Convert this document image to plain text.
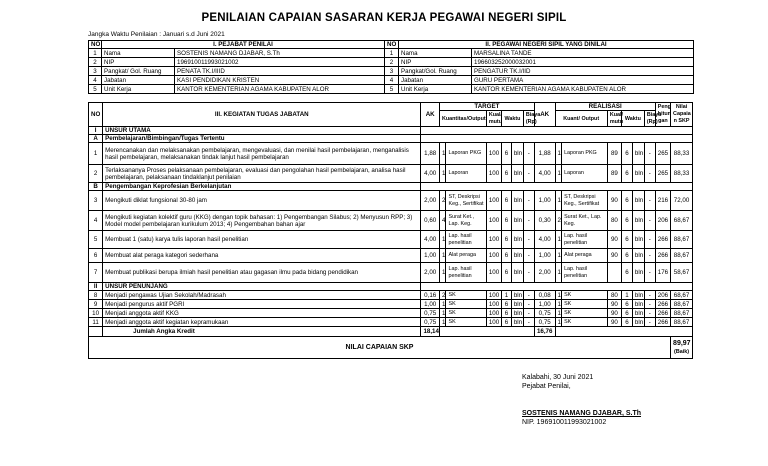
PENILAIAN CAPAIAN SASARAN KERJA PEGAWAI NEGERI SIPIL
Jangka Waktu Penilaian : Januari s.d Juni 2021
NO	I. PEJABAT PENILAI		NO	II. PEGAWAI NEGERI SIPIL YANG DINILAI	
1	Nama	SOSTENIS NAMANG DJABAR, S.Th	1	Nama	MARSALINA TANDE
2	NIP	196910011993021002	2	NIP	196603252000032001
3	Pangkat/ Gol. Ruang	PENATA TK.I/IIID	3	Pangkat/Gol. Ruang	PENGATUR TK.I/IID
4	Jabatan	KASI PENDIDIKAN KRISTEN	4	Jabatan	GURU PERTAMA
5	Unit Kerja	KANTOR KEMENTERIAN AGAMA KABUPATEN ALOR	5	Unit Kerja	KANTOR KEMENTERIAN AGAMA KABUPATEN ALOR
NO	III. KEGIATAN TUGAS JABATAN	AK	TARGET						AK	REALISASI						Peng hitun gan	Nilai Capaia n SKP
			Kuantitas/Output		Kual/ mutu	Waktu		Biaya (Rp)		Kuant/ Output		Kual/ mutu	Waktu		Biaya (Rp)		
I	UNSUR UTAMA																
A	Pembelajaran/Bimbingan/Tugas Tertentu																
1	Merencanakan dan melaksanakan pembelajaran, mengevaluasi, dan menilai hasil pembelajaran, menganalisis hasil pembelajaran, melaksanakan tindak lanjut hasil pembelajaran	1,88	1	Laporan PKG	100	6	bln	-	1,88	1	Laporan PKG	89	6	bln	-	265	88,33
2	Terlaksananya Proses pelaksanaan pembelajaran, evaluasi dan pengolahan hasil pembelajaran, analisa hasil pembelajaran, pelaksanaan tindaklanjut penilaian	4,00	1	Laporan	100	6	bln	-	4,00	1	Laporan	89	6	bln	-	265	88,33
B	Pengembangan Keprofesian Berkelanjutan																
3	Mengikuti diklat fungsional 30-80 jam	2,00	2	ST, Deskripsi Keg., Sertifikat	100	6	bln	-	1,00	1	ST, Deskripsi Keg., Sertifikat	90	6	bln	-	216	72,00
4	Mengikuti kegiatan kolektif guru (KKG) dengan topik bahasan: 1) Pengembangan Silabus; 2) Menyusun RPP; 3) Model model pembelajaran kurikulum 2013; 4) Pengembahan bahan ajar	0,60	4	Surat Ket., Lap. Keg.	100	6	bln	-	0,30	2	Surat Ket., Lap. Keg.	80	6	bln	-	206	68,67
5	Membuat 1 (satu) karya tulis laporan hasil penelitian	4,00	1	Lap. hasil penelitian	100	6	bln	-	4,00	1	Lap. hasil penelitian	90	6	bln	-	266	88,67
6	Membuat alat peraga kategori sederhana	1,00	1	Alat peraga	100	6	bln	-	1,00	1	Alat peraga	90	6	bln	-	266	88,67
7	Membuat publikasi berupa ilmiah hasil penelitian atau gagasan ilmu pada bidang pendidikan	2,00	1	Lap. hasil penelitian	100	6	bln	-	2,00	1	Lap. hasil penelitian		6	bln	-	176	58,67
II	UNSUR PENUNJANG																
8	Menjadi pengawas Ujian Sekolah/Madrasah	0,16	2	SK	100	1	bln	-	0,08	1	SK	80	1	bln	-	206	68,67
9	Menjadi pengurus aktif PGRI	1,00	1	SK	100	6	bln	-	1,00	1	SK	90	6	bln	-	266	88,67
10	Menjadi anggota aktif KKG	0,75	1	SK	100	6	bln	-	0,75	1	SK	90	6	bln	-	266	88,67
11	Menjadi anggota aktif kegiatan kepramukaan	0,75	1	SK	100	6	bln	-	0,75	1	SK	90	6	bln	-	266	88,67
	Jumlah Angka Kredit	18,14							16,76								
NILAI CAPAIAN SKP																	89,97
(Baik)
Kalabahi, 30 Juni 2021
Pejabat Penilai,
SOSTENIS NAMANG DJABAR, S.Th
NIP. 196910011993021002
